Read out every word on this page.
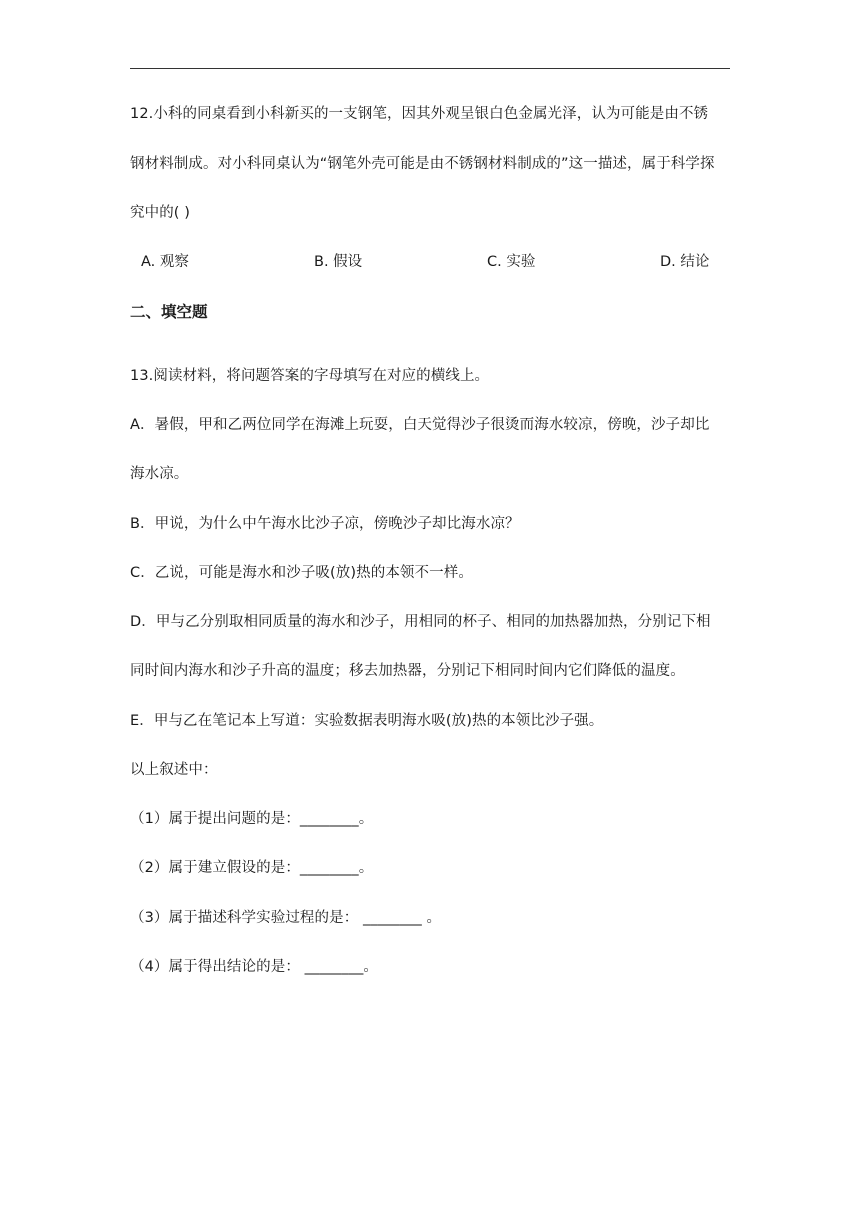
12.小科的同桌看到小科新买的一支钢笔，因其外观呈银白色金属光泽，认为可能是由不锈
钢材料制成。对小科同桌认为“钢笔外壳可能是由不锈钢材料制成的”这一描述，属于科学探
究中的( )
A. 观察	B. 假设	C. 实验	D. 结论
二、填空题
13.阅读材料，将问题答案的字母填写在对应的横线上。
A．暑假，甲和乙两位同学在海滩上玩耍，白天觉得沙子很烫而海水较凉，傍晚，沙子却比
海水凉。
B．甲说，为什么中午海水比沙子凉，傍晚沙子却比海水凉？
C．乙说，可能是海水和沙子吸(放)热的本领不一样。
D．甲与乙分别取相同质量的海水和沙子，用相同的杯子、相同的加热器加热，分别记下相
同时间内海水和沙子升高的温度；移去加热器，分别记下相同时间内它们降低的温度。
E．甲与乙在笔记本上写道：实验数据表明海水吸(放)热的本领比沙子强。
以上叙述中：
（1）属于提出问题的是：________。
（2）属于建立假设的是：________。
（3）属于描述科学实验过程的是： ________ 。
（4）属于得出结论的是： ________。
